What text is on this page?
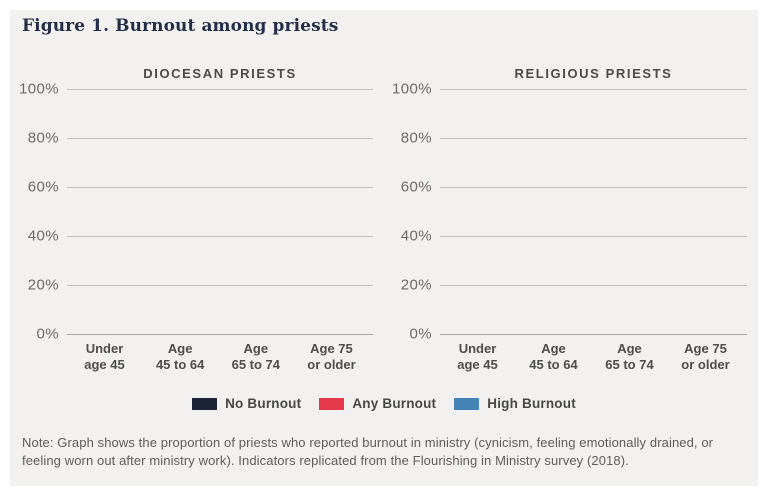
Figure 1. Burnout among priests
DIOCESAN PRIESTS
100%
80%
60%
40%
20%
0%
Under
age 45
Age
45 to 64
Age
65 to 74
Age 75
or older
RELIGIOUS PRIESTS
100%
80%
60%
40%
20%
0%
Under
age 45
Age
45 to 64
Age
65 to 74
Age 75
or older
No Burnout	Any Burnout	High Burnout

Note: Graph shows the proportion of priests who reported burnout in ministry (cynicism, feeling emotionally drained, or feeling worn out after ministry work). Indicators replicated from the Flourishing in Ministry survey (2018).
